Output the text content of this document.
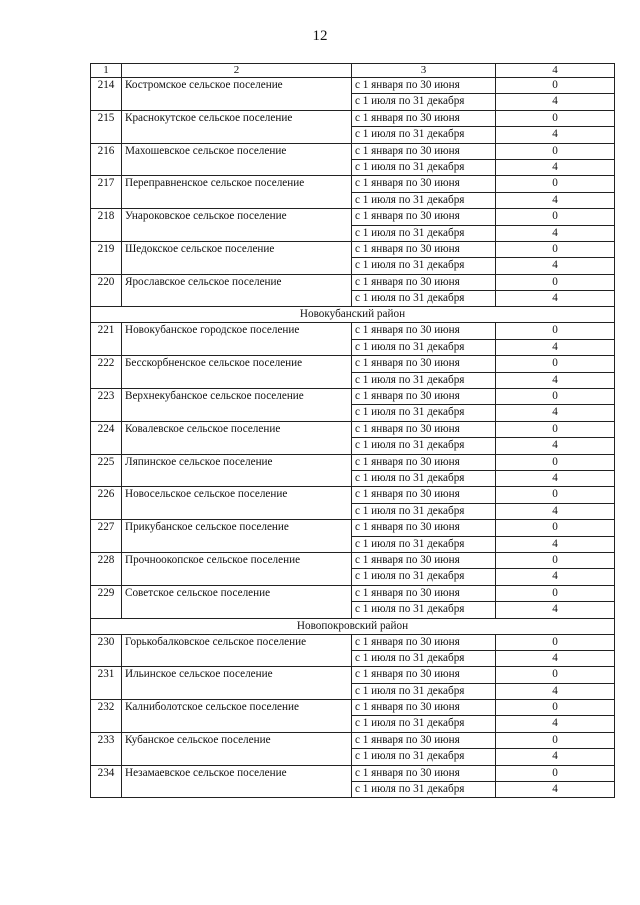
12
1	2	3	4
214	Костромское сельское поселение	с 1 января по 30 июня	0
		с 1 июля по 31 декабря	4
215	Краснокутское сельское поселение	с 1 января по 30 июня	0
		с 1 июля по 31 декабря	4
216	Махошевское сельское поселение	с 1 января по 30 июня	0
		с 1 июля по 31 декабря	4
217	Переправненское сельское поселение	с 1 января по 30 июня	0
		с 1 июля по 31 декабря	4
218	Унароковское сельское поселение	с 1 января по 30 июня	0
		с 1 июля по 31 декабря	4
219	Шедокское сельское поселение	с 1 января по 30 июня	0
		с 1 июля по 31 декабря	4
220	Ярославское сельское поселение	с 1 января по 30 июня	0
		с 1 июля по 31 декабря	4
Новокубанский район			
221	Новокубанское городское поселение	с 1 января по 30 июня	0
		с 1 июля по 31 декабря	4
222	Бесскорбненское сельское поселение	с 1 января по 30 июня	0
		с 1 июля по 31 декабря	4
223	Верхнекубанское сельское поселение	с 1 января по 30 июня	0
		с 1 июля по 31 декабря	4
224	Ковалевское сельское поселение	с 1 января по 30 июня	0
		с 1 июля по 31 декабря	4
225	Ляпинское сельское поселение	с 1 января по 30 июня	0
		с 1 июля по 31 декабря	4
226	Новосельское сельское поселение	с 1 января по 30 июня	0
		с 1 июля по 31 декабря	4
227	Прикубанское сельское поселение	с 1 января по 30 июня	0
		с 1 июля по 31 декабря	4
228	Прочноокопское сельское поселение	с 1 января по 30 июня	0
		с 1 июля по 31 декабря	4
229	Советское сельское поселение	с 1 января по 30 июня	0
		с 1 июля по 31 декабря	4
Новопокровский район			
230	Горькобалковское сельское поселение	с 1 января по 30 июня	0
		с 1 июля по 31 декабря	4
231	Ильинское сельское поселение	с 1 января по 30 июня	0
		с 1 июля по 31 декабря	4
232	Калниболотское сельское поселение	с 1 января по 30 июня	0
		с 1 июля по 31 декабря	4
233	Кубанское сельское поселение	с 1 января по 30 июня	0
		с 1 июля по 31 декабря	4
234	Незамаевское сельское поселение	с 1 января по 30 июня	0
		с 1 июля по 31 декабря	4
